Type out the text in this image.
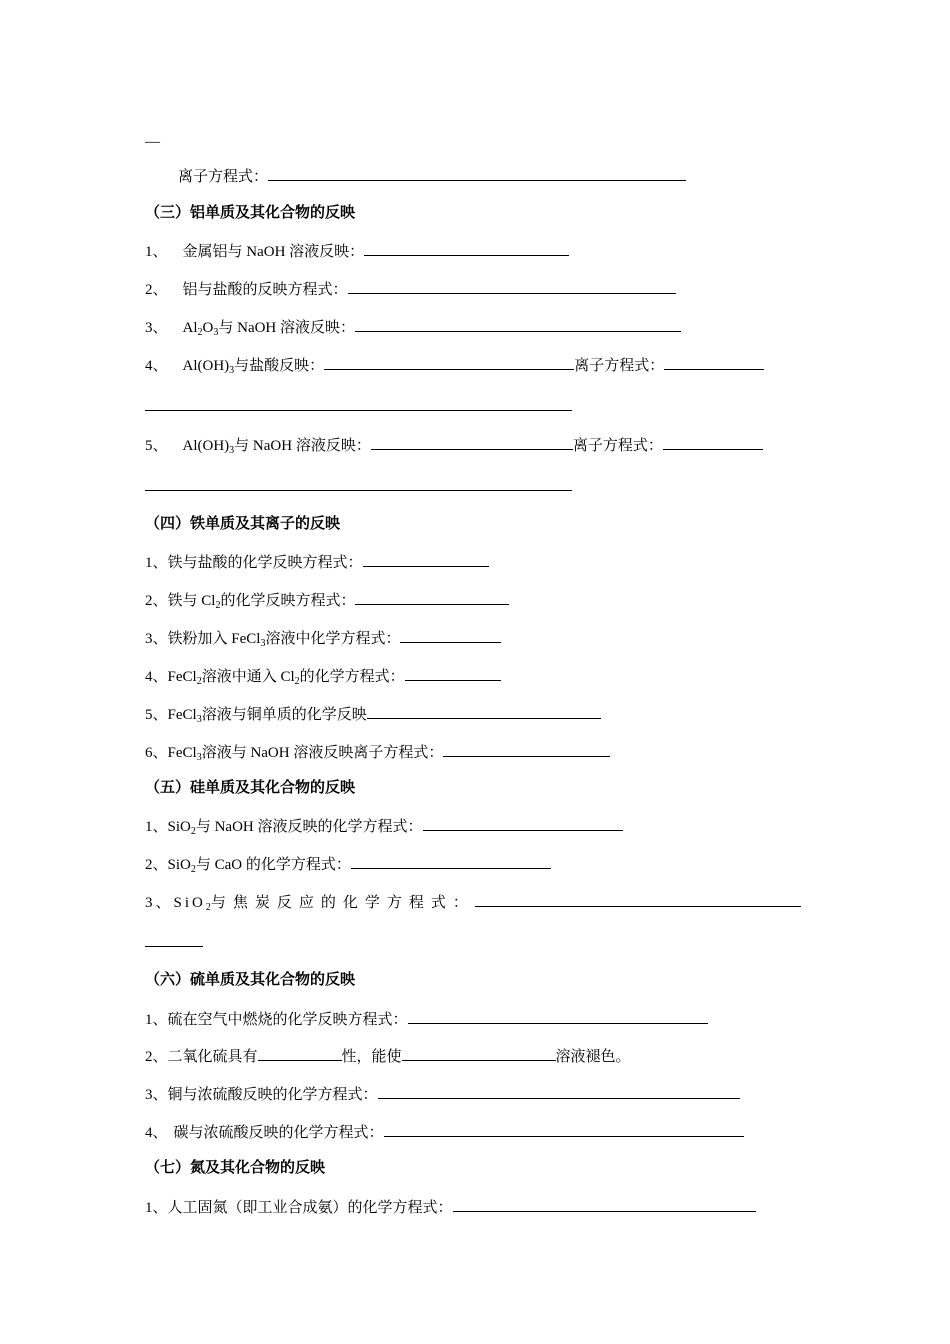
—
离子方程式：
（三）铝单质及其化合物的反映
1、 金属铝与 NaOH 溶液反映：
2、 铝与盐酸的反映方程式：
3、 $Al_2O_3$与 NaOH 溶液反映：
4、 $Al(OH)_3$与盐酸反映：	离子方程式：
5、 $Al(OH)_3$与 NaOH 溶液反映：	离子方程式：
（四）铁单质及其离子的反映
1、铁与盐酸的化学反映方程式：
2、铁与 $Cl_2$的化学反映方程式：
3、铁粉加入 FeCl$_3$溶液中化学方程式：
4、FeCl$_2$溶液中通入 $Cl_2$的化学方程式：
5、FeCl$_3$溶液与铜单质的化学反映
6、FeCl$_3$溶液与 NaOH 溶液反映离子方程式：
（五）硅单质及其化合物的反映
1、SiO$_2$与 NaOH 溶液反映的化学方程式：
2、SiO$_2$与 CaO 的化学方程式：
3、SiO$_2$与焦炭反应的化学方程式：
（六）硫单质及其化合物的反映
1、硫在空气中燃烧的化学反映方程式：
2、二氧化硫具有	性，能使	溶液褪色。
3、铜与浓硫酸反映的化学方程式：
4、 碳与浓硫酸反映的化学方程式：
（七）氮及其化合物的反映
1、人工固氮（即工业合成氨）的化学方程式：
